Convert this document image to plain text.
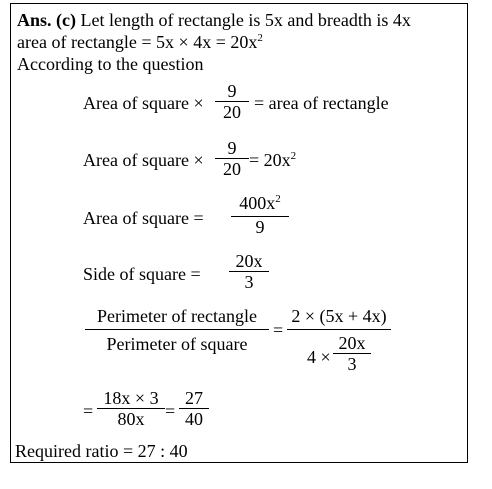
Ans. (c) Let length of rectangle is 5x and breadth is 4x
area of rectangle = $5x \times 4x = 20x^2$
According to the question
Area of square ×
9
20 = area of rectangle
Area of square ×
9
$20 = 20x^2$
Area of square =
$400x^2$
9
Side of square =
20x
3
Perimeter of rectangle
Perimeter of square
=
2 × (5x + 4x)
4 ×
20x
3
=
18x × 3
80x	=
27
40
Required ratio = 27 : 40
